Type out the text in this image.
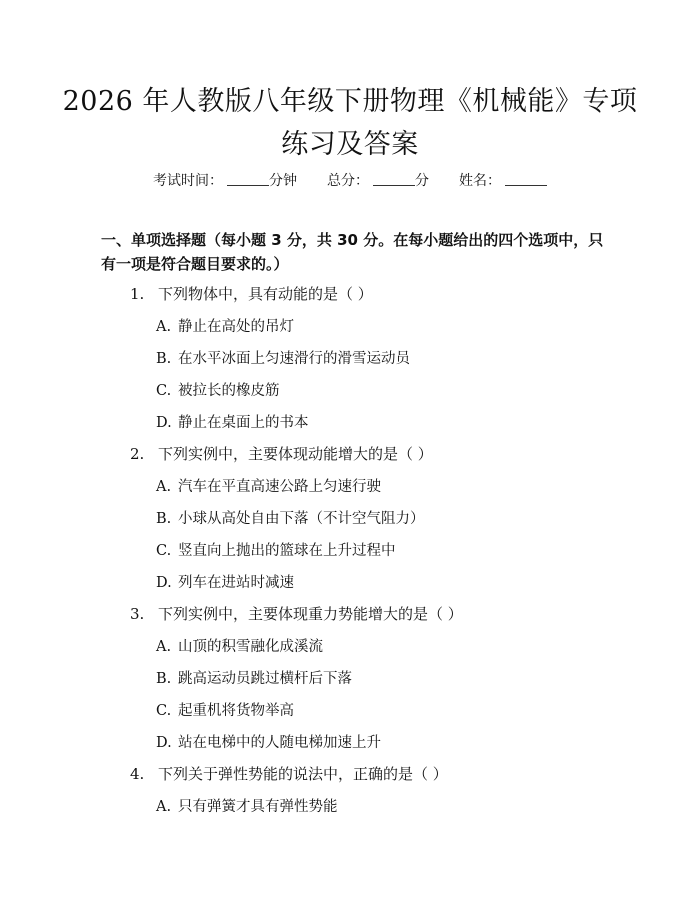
2026 年人教版八年级下册物理《机械能》专项练习及答案
考试时间：	分钟 总分：	分 姓名：
一、单项选择题（每小题 3 分，共 30 分。在每小题给出的四个选项中，只有一项是符合题目要求的。）
1. 下列物体中，具有动能的是（ ）
A. 静止在高处的吊灯
B. 在水平冰面上匀速滑行的滑雪运动员
C. 被拉长的橡皮筋
D. 静止在桌面上的书本
2. 下列实例中，主要体现动能增大的是（ ）
A. 汽车在平直高速公路上匀速行驶
B. 小球从高处自由下落（不计空气阻力）
C. 竖直向上抛出的篮球在上升过程中
D. 列车在进站时减速
3. 下列实例中，主要体现重力势能增大的是（ ）
A. 山顶的积雪融化成溪流
B. 跳高运动员跳过横杆后下落
C. 起重机将货物举高
D. 站在电梯中的人随电梯加速上升
4. 下列关于弹性势能的说法中，正确的是（ ）
A. 只有弹簧才具有弹性势能
